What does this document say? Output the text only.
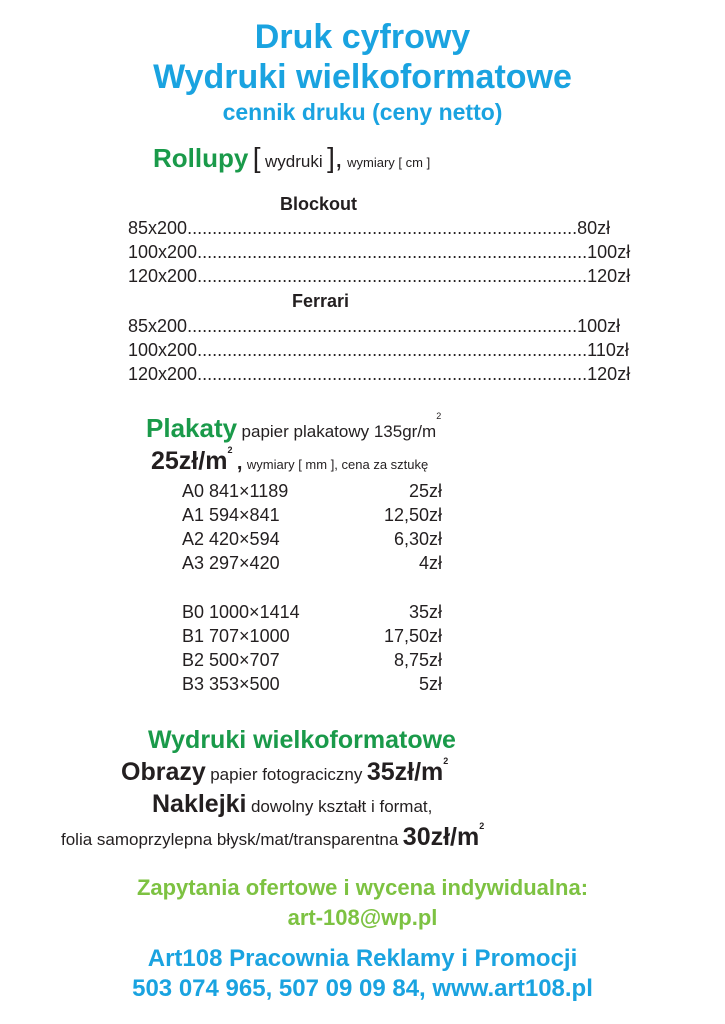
Druk cyfrowy
Wydruki wielkoformatowe
cennik druku (ceny netto)
Rollupy [ wydruki ], wymiary [ cm ]
Blockout
85x200 .............................................................................. 80zł
100x200 .............................................................................. 100zł
120x200 .............................................................................. 120zł
Ferrari
85x200 .............................................................................. 100zł
100x200 .............................................................................. 110zł
120x200 .............................................................................. 120zł
Plakaty papier plakatowy $135gr/m^2$
$25zł/m^2$ , wymiary [ mm ], cena za sztukę
A0 841×1189	25zł
A1 594×841	12,50zł
A2 420×594	6,30zł
A3 297×420	4zł
B0 1000×1414	35zł
B1 707×1000	17,50zł
B2 500×707	8,75zł
B3 353×500	5zł
Wydruki wielkoformatowe
Obrazy papier fotograciczny $35zł/m^2$
Naklejki dowolny kształt i format,
folia samoprzylepna błysk/mat/transparentna $30zł/m^2$
Zapytania ofertowe i wycena indywidualna:
art-108@wp.pl
Art108 Pracownia Reklamy i Promocji
503 074 965, 507 09 09 84, www.art108.pl
